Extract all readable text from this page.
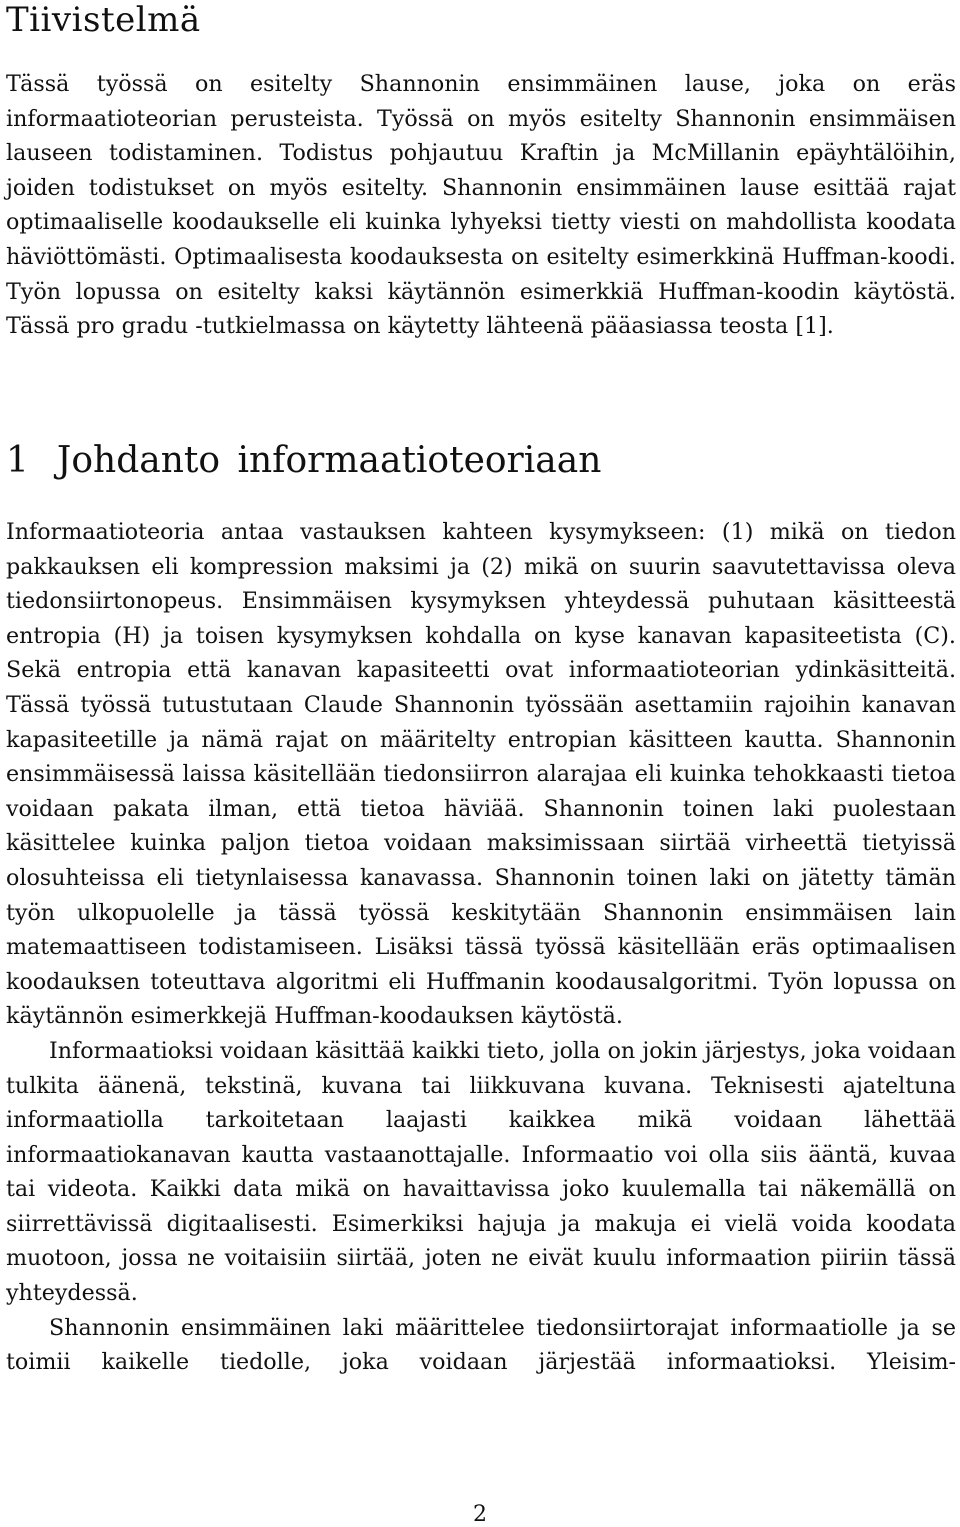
Tiivistelmä

Tässä työssä on esitelty Shannonin ensimmäinen lause, joka on eräs informaatioteorian perusteista. Työssä on myös esitelty Shannonin ensimmäisen lauseen todistaminen. Todistus pohjautuu Kraftin ja McMillanin epäyhtälöihin, joiden todistukset on myös esitelty. Shannonin ensimmäinen lause esittää rajat optimaaliselle koodaukselle eli kuinka lyhyeksi tietty viesti on mahdollista koodata häviöttömästi. Optimaalisesta koodauksesta on esitelty esimerkkinä Huffman-koodi. Työn lopussa on esitelty kaksi käytännön esimerkkiä Huffman-koodin käytöstä. Tässä pro gradu -tutkielmassa on käytetty lähteenä pääasiassa teosta [1].

1 Johdanto informaatioteoriaan

Informaatioteoria antaa vastauksen kahteen kysymykseen: (1) mikä on tiedon pakkauksen eli kompression maksimi ja (2) mikä on suurin saavutettavissa oleva tiedonsiirtonopeus. Ensimmäisen kysymyksen yhteydessä puhutaan käsitteestä entropia (H) ja toisen kysymyksen kohdalla on kyse kanavan kapasiteetista (C). Sekä entropia että kanavan kapasiteetti ovat informaatioteorian ydinkäsitteitä. Tässä työssä tutustutaan Claude Shannonin työssään asettamiin rajoihin kanavan kapasiteetille ja nämä rajat on määritelty entropian käsitteen kautta. Shannonin ensimmäisessä laissa käsitellään tiedonsiirron alarajaa eli kuinka tehokkaasti tietoa voidaan pakata ilman, että tietoa häviää. Shannonin toinen laki puolestaan käsittelee kuinka paljon tietoa voidaan maksimissaan siirtää virheettä tietyissä olosuhteissa eli tietynlaisessa kanavassa. Shannonin toinen laki on jätetty tämän työn ulkopuolelle ja tässä työssä keskitytään Shannonin ensimmäisen lain matemaattiseen todistamiseen. Lisäksi tässä työssä käsitellään eräs optimaalisen koodauksen toteuttava algoritmi eli Huffmanin koodausalgoritmi. Työn lopussa on käytännön esimerkkejä Huffman-koodauksen käytöstä.

Informaatioksi voidaan käsittää kaikki tieto, jolla on jokin järjestys, joka voidaan tulkita äänenä, tekstinä, kuvana tai liikkuvana kuvana. Teknisesti ajateltuna informaatiolla tarkoitetaan laajasti kaikkea mikä voidaan lähettää informaatiokanavan kautta vastaanottajalle. Informaatio voi olla siis ääntä, kuvaa tai videota. Kaikki data mikä on havaittavissa joko kuulemalla tai näkemällä on siirrettävissä digitaalisesti. Esimerkiksi hajuja ja makuja ei vielä voida koodata muotoon, jossa ne voitaisiin siirtää, joten ne eivät kuulu informaation piiriin tässä yhteydessä.

Shannonin ensimmäinen laki määrittelee tiedonsiirtorajat informaatiolle ja se toimii kaikelle tiedolle, joka voidaan järjestää informaatioksi. Yleisim-

2
